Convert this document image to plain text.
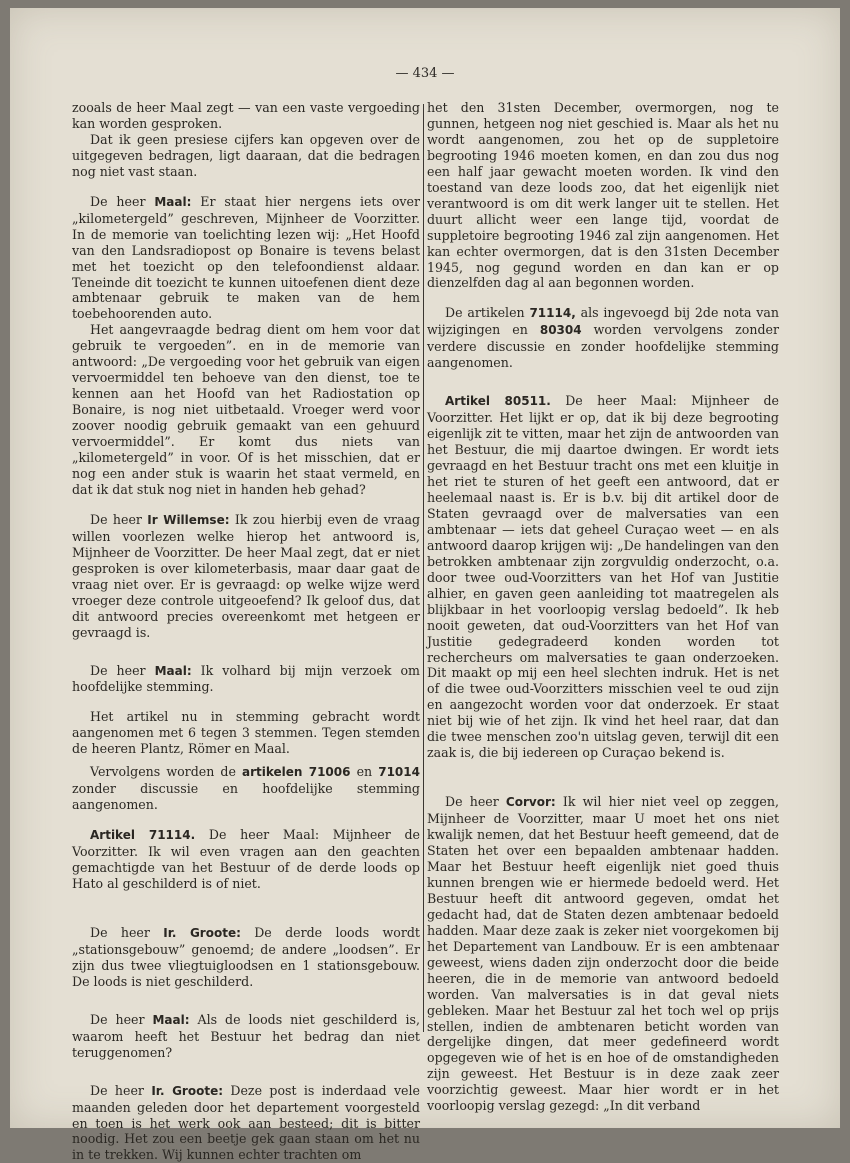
— 434 —

zooals de heer Maal zegt — van een vaste vergoeding kan worden gesproken.

Dat ik geen presiese cijfers kan opgeven over de uitgegeven bedragen, ligt daaraan, dat die bedragen nog niet vast staan.

De heer Maal: Er staat hier nergens iets over „kilometergeld” geschreven, Mijnheer de Voorzitter. In de memorie van toelichting lezen wij: „Het Hoofd van den Landsradiopost op Bonaire is tevens belast met het toezicht op den telefoondienst aldaar. Teneinde dit toezicht te kunnen uitoefenen dient deze ambtenaar gebruik te maken van de hem toebehoorenden auto.

Het aangevraagde bedrag dient om hem voor dat gebruik te vergoeden”. en in de memorie van antwoord: „De vergoeding voor het gebruik van eigen vervoermiddel ten behoeve van den dienst, toe te kennen aan het Hoofd van het Radiostation op Bonaire, is nog niet uitbetaald. Vroeger werd voor zoover noodig gebruik gemaakt van een gehuurd vervoermiddel”. Er komt dus niets van „kilometergeld” in voor. Of is het misschien, dat er nog een ander stuk is waarin het staat vermeld, en dat ik dat stuk nog niet in handen heb gehad?

De heer Ir Willemse: Ik zou hierbij even de vraag willen voorlezen welke hierop het antwoord is, Mijnheer de Voorzitter. De heer Maal zegt, dat er niet gesproken is over kilometerbasis, maar daar gaat de vraag niet over. Er is gevraagd: op welke wijze werd vroeger deze controle uitgeoefend? Ik geloof dus, dat dit antwoord precies overeenkomt met hetgeen er gevraagd is.

De heer Maal: Ik volhard bij mijn verzoek om hoofdelijke stemming.

Het artikel nu in stemming gebracht wordt aangenomen met 6 tegen 3 stemmen. Tegen stemden de heeren Plantz, Römer en Maal.

Vervolgens worden de artikelen 71006 en 71014 zonder discussie en hoofdelijke stemming aangenomen.

Artikel 71114. De heer Maal: Mijnheer de Voorzitter. Ik wil even vragen aan den geachten gemachtigde van het Bestuur of de derde loods op Hato al geschilderd is of niet.

De heer Ir. Groote: De derde loods wordt „stationsgebouw” genoemd; de andere „loodsen”. Er zijn dus twee vliegtuigloodsen en 1 stationsgebouw. De loods is niet geschilderd.

De heer Maal: Als de loods niet geschilderd is, waarom heeft het Bestuur het bedrag dan niet teruggenomen?

De heer Ir. Groote: Deze post is inderdaad vele maanden geleden door het departement voorgesteld en toen is het werk ook aan besteed; dit is bitter noodig. Het zou een beetje gek gaan staan om het nu in te trekken. Wij kunnen echter trachten om

het den 31sten December, overmorgen, nog te gunnen, hetgeen nog niet geschied is. Maar als het nu wordt aangenomen, zou het op de suppletoire begrooting 1946 moeten komen, en dan zou dus nog een half jaar gewacht moeten worden. Ik vind den toestand van deze loods zoo, dat het eigenlijk niet verantwoord is om dit werk langer uit te stellen. Het duurt allicht weer een lange tijd, voordat de suppletoire begrooting 1946 zal zijn aangenomen. Het kan echter overmorgen, dat is den 31sten December 1945, nog gegund worden en dan kan er op dienzelfden dag al aan begonnen worden.

De artikelen 71114, als ingevoegd bij 2de nota van wijzigingen en 80304 worden vervolgens zonder verdere discussie en zonder hoofdelijke stemming aangenomen.

Artikel 80511. De heer Maal: Mijnheer de Voorzitter. Het lijkt er op, dat ik bij deze begrooting eigenlijk zit te vitten, maar het zijn de antwoorden van het Bestuur, die mij daartoe dwingen. Er wordt iets gevraagd en het Bestuur tracht ons met een kluitje in het riet te sturen of het geeft een antwoord, dat er heelemaal naast is. Er is b.v. bij dit artikel door de Staten gevraagd over de malversaties van een ambtenaar — iets dat geheel Curaçao weet — en als antwoord daarop krijgen wij: „De handelingen van den betrokken ambtenaar zijn zorgvuldig onderzocht, o.a. door twee oud-Voorzitters van het Hof van Justitie alhier, en gaven geen aanleiding tot maatregelen als blijkbaar in het voorloopig verslag bedoeld”. Ik heb nooit geweten, dat oud-Voorzitters van het Hof van Justitie gedegradeerd konden worden tot rechercheurs om malversaties te gaan onderzoeken. Dit maakt op mij een heel slechten indruk. Het is net of die twee oud-Voorzitters misschien veel te oud zijn en aangezocht worden voor dat onderzoek. Er staat niet bij wie of het zijn. Ik vind het heel raar, dat dan die twee menschen zoo'n uitslag geven, terwijl dit een zaak is, die bij iedereen op Curaçao bekend is.

De heer Corvor: Ik wil hier niet veel op zeggen, Mijnheer de Voorzitter, maar U moet het ons niet kwalijk nemen, dat het Bestuur heeft gemeend, dat de Staten het over een bepaalden ambtenaar hadden. Maar het Bestuur heeft eigenlijk niet goed thuis kunnen brengen wie er hiermede bedoeld werd. Het Bestuur heeft dit antwoord gegeven, omdat het gedacht had, dat de Staten dezen ambtenaar bedoeld hadden. Maar deze zaak is zeker niet voorgekomen bij het Departement van Landbouw. Er is een ambtenaar geweest, wiens daden zijn onderzocht door die beide heeren, die in de memorie van antwoord bedoeld worden. Van malversaties is in dat geval niets gebleken. Maar het Bestuur zal het toch wel op prijs stellen, indien de ambtenaren beticht worden van dergelijke dingen, dat meer gedefineerd wordt opgegeven wie of het is en hoe of de omstandigheden zijn geweest. Het Bestuur is in deze zaak zeer voorzichtig geweest. Maar hier wordt er in het voorloopig verslag gezegd: „In dit verband
